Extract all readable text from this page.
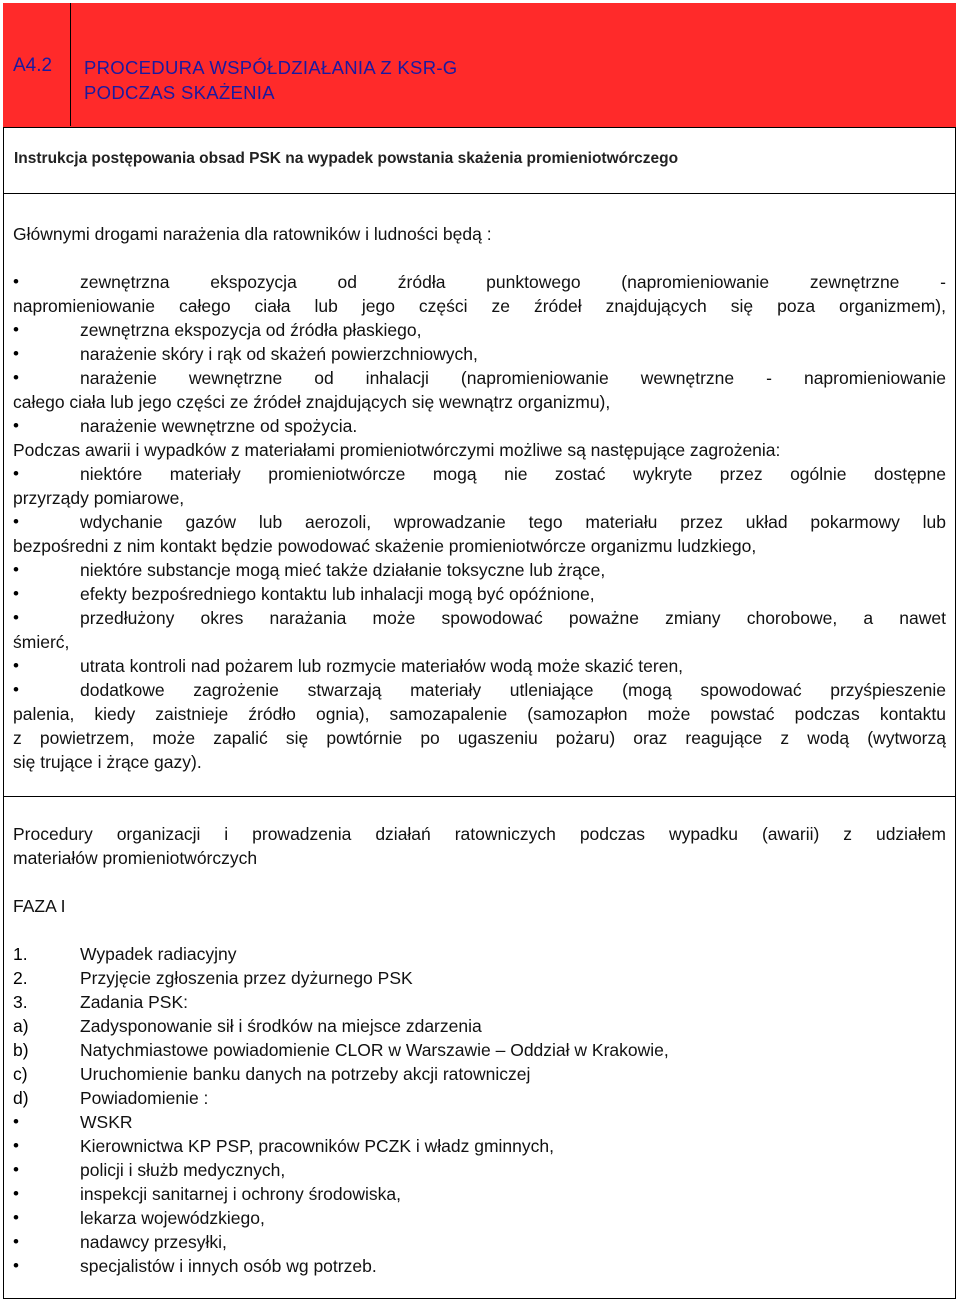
A4.2	PROCEDURA WSPÓŁDZIAŁANIA Z KSR-G
PODCZAS SKAŻENIA
Instrukcja postępowania obsad PSK na wypadek powstania skażenia promieniotwórczego
Głównymi drogami narażenia dla ratowników i ludności będą :
•	zewnętrzna ekspozycja od źródła punktowego (napromieniowanie zewnętrzne -
napromieniowanie całego ciała lub jego części ze źródeł znajdujących się poza organizmem),
•	zewnętrzna ekspozycja od źródła płaskiego,
•	narażenie skóry i rąk od skażeń powierzchniowych,
•	narażenie wewnętrzne od inhalacji (napromieniowanie wewnętrzne - napromieniowanie
całego ciała lub jego części ze źródeł znajdujących się wewnątrz organizmu),
•	narażenie wewnętrzne od spożycia.
Podczas awarii i wypadków z materiałami promieniotwórczymi możliwe są następujące zagrożenia:
•	niektóre materiały promieniotwórcze mogą nie zostać wykryte przez ogólnie dostępne
przyrządy pomiarowe,
•	wdychanie gazów lub aerozoli, wprowadzanie tego materiału przez układ pokarmowy lub
bezpośredni z nim kontakt będzie powodować skażenie promieniotwórcze organizmu ludzkiego,
•	niektóre substancje mogą mieć także działanie toksyczne lub żrące,
•	efekty bezpośredniego kontaktu lub inhalacji mogą być opóźnione,
•	przedłużony okres narażania może spowodować poważne zmiany chorobowe, a nawet
śmierć,
•	utrata kontroli nad pożarem lub rozmycie materiałów wodą może skazić teren,
•	dodatkowe zagrożenie stwarzają materiały utleniające (mogą spowodować przyśpieszenie
palenia, kiedy zaistnieje źródło ognia), samozapalenie (samozapłon może powstać podczas kontaktu
z powietrzem, może zapalić się powtórnie po ugaszeniu pożaru) oraz reagujące z wodą (wytworzą
się trujące i żrące gazy).
Procedury organizacji i prowadzenia działań ratowniczych podczas wypadku (awarii) z udziałem
materiałów promieniotwórczych
FAZA I
1.	Wypadek radiacyjny
2.	Przyjęcie zgłoszenia przez dyżurnego PSK
3.	Zadania PSK:
a)	Zadysponowanie sił i środków na miejsce zdarzenia
b)	Natychmiastowe powiadomienie CLOR w Warszawie – Oddział w Krakowie,
c)	Uruchomienie banku danych na potrzeby akcji ratowniczej
d)	Powiadomienie :
•	WSKR
•	Kierownictwa KP PSP, pracowników PCZK i władz gminnych,
•	policji i służb medycznych,
•	inspekcji sanitarnej i ochrony środowiska,
•	lekarza wojewódzkiego,
•	nadawcy przesyłki,
•	specjalistów i innych osób wg potrzeb.
